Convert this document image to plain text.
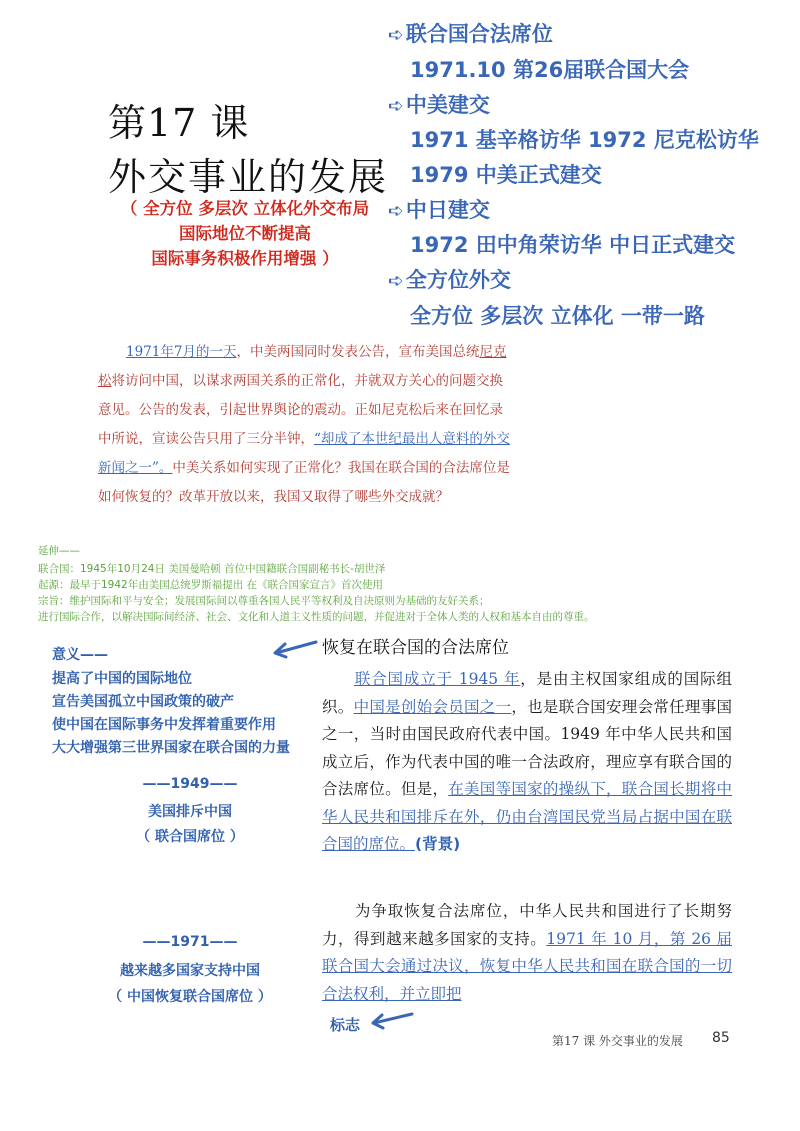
第17 课
外交事业的发展
（ 全方位 多层次 立体化外交布局
国际地位不断提高
国际事务积极作用增强 ）
➪联合国合法席位
1971.10 第26届联合国大会
➪中美建交
1971 基辛格访华 1972 尼克松访华
1979 中美正式建交
➪中日建交
1972 田中角荣访华 中日正式建交
➪全方位外交
全方位 多层次 立体化 一带一路
1971年7月的一天，中美两国同时发表公告，宣布美国总统尼克松将访问中国，以谋求两国关系的正常化，并就双方关心的问题交换意见。公告的发表，引起世界舆论的震动。正如尼克松后来在回忆录中所说，宣读公告只用了三分半钟，“却成了本世纪最出人意料的外交新闻之一”。中美关系如何实现了正常化？我国在联合国的合法席位是如何恢复的？改革开放以来，我国又取得了哪些外交成就？
延伸——
联合国：1945年10月24日 美国曼哈顿 首位中国籍联合国副秘书长-胡世泽
起源：最早于1942年由美国总统罗斯福提出 在《联合国家宣言》首次使用
宗旨：维护国际和平与安全；发展国际间以尊重各国人民平等权利及自决原则为基础的友好关系；
进行国际合作，以解决国际间经济、社会、文化和人道主义性质的问题，并促进对于全体人类的人权和基本自由的尊重。
意义——
提高了中国的国际地位
宣告美国孤立中国政策的破产
使中国在国际事务中发挥着重要作用
大大增强第三世界国家在联合国的力量
——1949——
美国排斥中国
（ 联合国席位 ）
——1971——
越来越多国家支持中国
（ 中国恢复联合国席位 ）
恢复在联合国的合法席位
联合国成立于 1945 年，是由主权国家组成的国际组织。中国是创始会员国之一，也是联合国安理会常任理事国之一，当时由国民政府代表中国。1949 年中华人民共和国成立后，作为代表中国的唯一合法政府，理应享有联合国的合法席位。但是，在美国等国家的操纵下，联合国长期将中华人民共和国排斥在外，仍由台湾国民党当局占据中国在联合国的席位。(背景)
为争取恢复合法席位，中华人民共和国进行了长期努力，得到越来越多国家的支持。1971 年 10 月，第 26 届联合国大会通过决议，恢复中华人民共和国在联合国的一切合法权利，并立即把
标志
第17 课 外交事业的发展 85
